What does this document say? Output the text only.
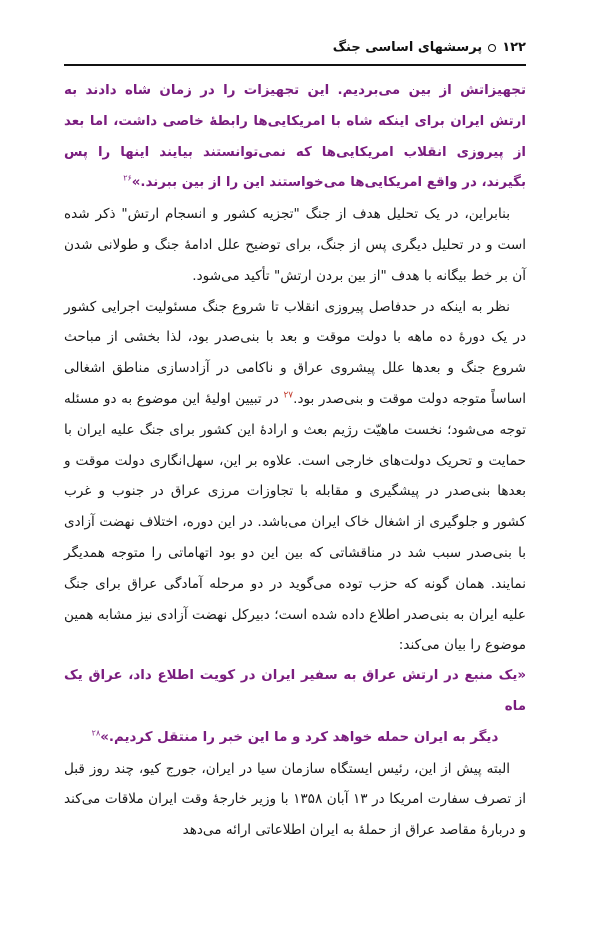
۱۲۲
پرسشهای اساسی جنگ

تجهیزاتش از بین می‌بردیم. این تجهیزات را در زمان شاه دادند به ارتش ایران برای اینکه شاه با امریکایی‌ها رابطهٔ خاصی داشت، اما بعد از پیروزی انقلاب امریکایی‌ها که نمی‌توانستند بیایند اینها را پس بگیرند، در واقع امریکایی‌ها می‌خواستند این را از بین ببرند.»$^{۲۶}$

بنابراین، در یک تحلیل هدف از جنگ "تجزیه کشور و انسجام ارتش" ذکر شده است و در تحلیل دیگری پس از جنگ، برای توضیح علل ادامهٔ جنگ و طولانی شدن آن بر خط بیگانه با هدف "از بین بردن ارتش" تأکید می‌شود.

نظر به اینکه در حدفاصل پیروزی انقلاب تا شروع جنگ مسئولیت اجرایی کشور در یک دورهٔ ده ماهه با دولت موقت و بعد با بنی‌صدر بود، لذا بخشی از مباحث شروع جنگ و بعدها علل پیشروی عراق و ناکامی در آزادسازی مناطق اشغالی اساساً متوجه دولت موقت و بنی‌صدر بود.$^{۲۷}$ در تبیین اولیهٔ این موضوع به دو مسئله توجه می‌شود؛ نخست ماهیّت رژیم بعث و ارادهٔ این کشور برای جنگ علیه ایران با حمایت و تحریک دولت‌های خارجی است. علاوه بر این، سهل‌انگاری دولت موقت و بعدها بنی‌صدر در پیشگیری و مقابله با تجاوزات مرزی عراق در جنوب و غرب کشور و جلوگیری از اشغال خاک ایران می‌باشد. در این دوره، اختلاف نهضت آزادی با بنی‌صدر سبب شد در مناقشاتی که بین این دو بود اتهاماتی را متوجه همدیگر نمایند. همان گونه که حزب توده می‌گوید در دو مرحله آمادگی عراق برای جنگ علیه ایران به بنی‌صدر اطلاع داده شده است؛ دبیرکل نهضت آزادی نیز مشابه همین موضوع را بیان می‌کند:

«یک منبع در ارتش عراق به سفیر ایران در کویت اطلاع داد، عراق یک ماه

دیگر به ایران حمله خواهد کرد و ما این خبر را منتقل کردیم.»$^{۲۸}$

البته پیش از این، رئیس ایستگاه سازمان سیا در ایران، جورج کیو، چند روز قبل از تصرف سفارت امریکا در ۱۳ آبان ۱۳۵۸ با وزیر خارجهٔ وقت ایران ملاقات می‌کند و دربارهٔ مقاصد عراق از حملهٔ به ایران اطلاعاتی ارائه می‌دهد
